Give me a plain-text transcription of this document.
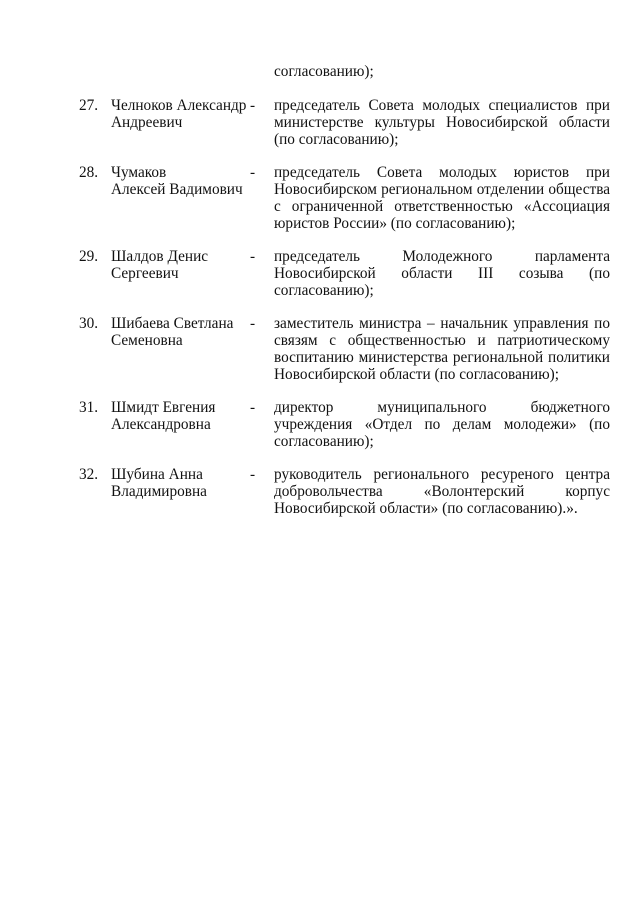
согласованию);
27. Челноков Александр
Андреевич
- председатель Совета молодых специалистов при министерстве культуры Новосибирской области (по согласованию);
28. Чумаков
Алексей Вадимович
- председатель Совета молодых юристов при Новосибирском региональном отделении общества с ограниченной ответственностью «Ассоциация юристов России» (по согласованию);
29. Шалдов Денис
Сергеевич
- председатель Молодежного парламента Новосибирской области III созыва (по согласованию);
30. Шибаева Светлана
Семеновна
- заместитель министра – начальник управления по связям с общественностью и патриотическому воспитанию министерства региональной политики Новосибирской области (по согласованию);
31. Шмидт Евгения
Александровна
- директор муниципального бюджетного учреждения «Отдел по делам молодежи» (по согласованию);
32. Шубина Анна
Владимировна
- руководитель регионального ресуреного центра добровольчества «Волонтерский корпус Новосибирской области» (по согласованию).».
